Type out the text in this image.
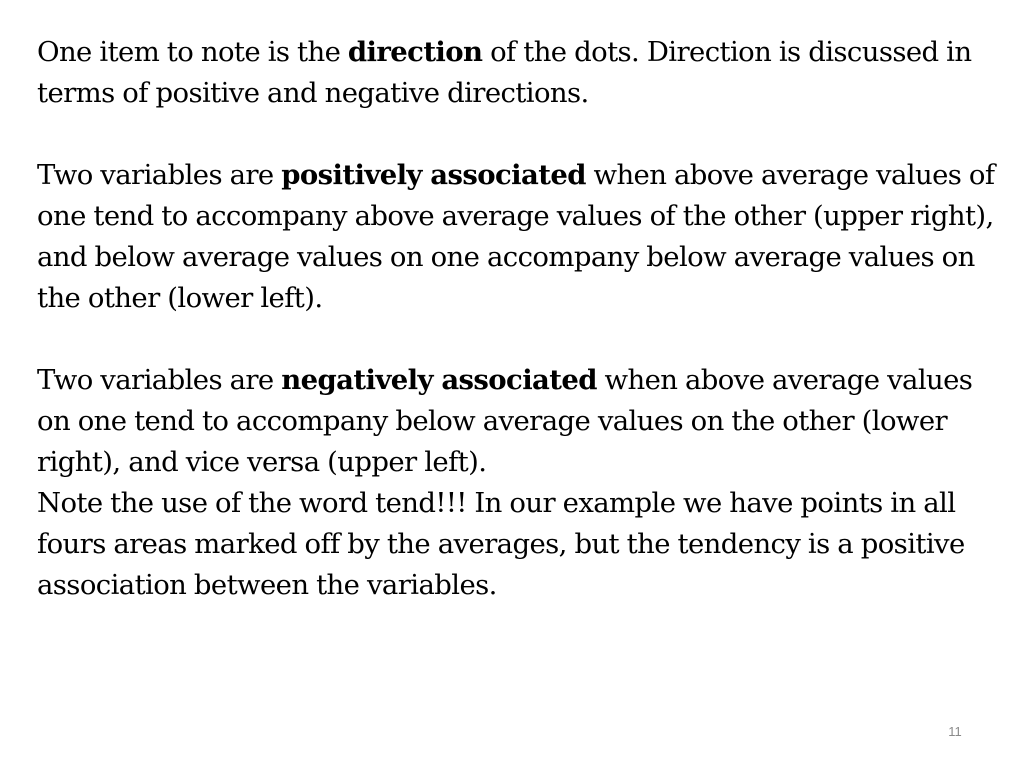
One item to note is the direction of the dots. Direction is discussed in terms of positive and negative directions.

Two variables are positively associated when above average values of one tend to accompany above average values of the other (upper right), and below average values on one accompany below average values on the other (lower left).

Two variables are negatively associated when above average values on one tend to accompany below average values on the other (lower right), and vice versa (upper left).

Note the use of the word tend!!! In our example we have points in all fours areas marked off by the averages, but the tendency is a positive association between the variables.

11
